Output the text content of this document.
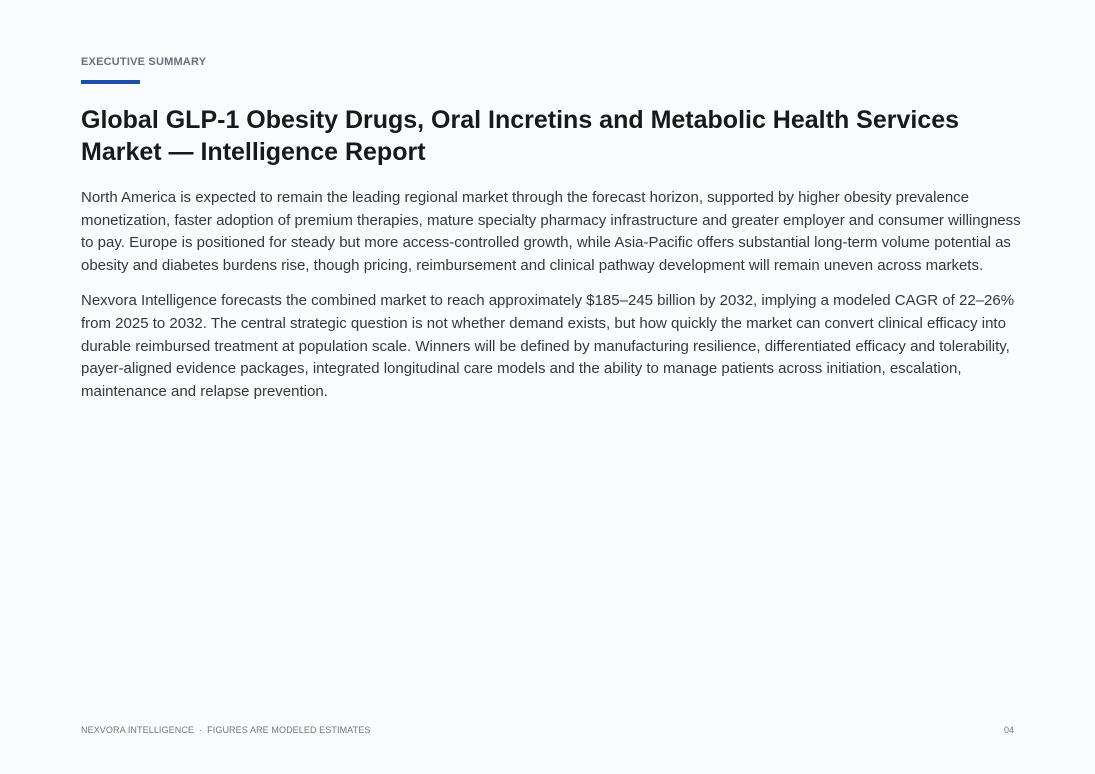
EXECUTIVE SUMMARY
Global GLP-1 Obesity Drugs, Oral Incretins and Metabolic Health Services Market — Intelligence Report

North America is expected to remain the leading regional market through the forecast horizon, supported by higher obesity prevalence monetization, faster adoption of premium therapies, mature specialty pharmacy infrastructure and greater employer and consumer willingness to pay. Europe is positioned for steady but more access-controlled growth, while Asia-Pacific offers substantial long-term volume potential as obesity and diabetes burdens rise, though pricing, reimbursement and clinical pathway development will remain uneven across markets.

Nexvora Intelligence forecasts the combined market to reach approximately $185–245 billion by 2032, implying a modeled CAGR of 22–26% from 2025 to 2032. The central strategic question is not whether demand exists, but how quickly the market can convert clinical efficacy into durable reimbursed treatment at population scale. Winners will be defined by manufacturing resilience, differentiated efficacy and tolerability, payer-aligned evidence packages, integrated longitudinal care models and the ability to manage patients across initiation, escalation, maintenance and relapse prevention.

NEXVORA INTELLIGENCE · FIGURES ARE MODELED ESTIMATES	04
